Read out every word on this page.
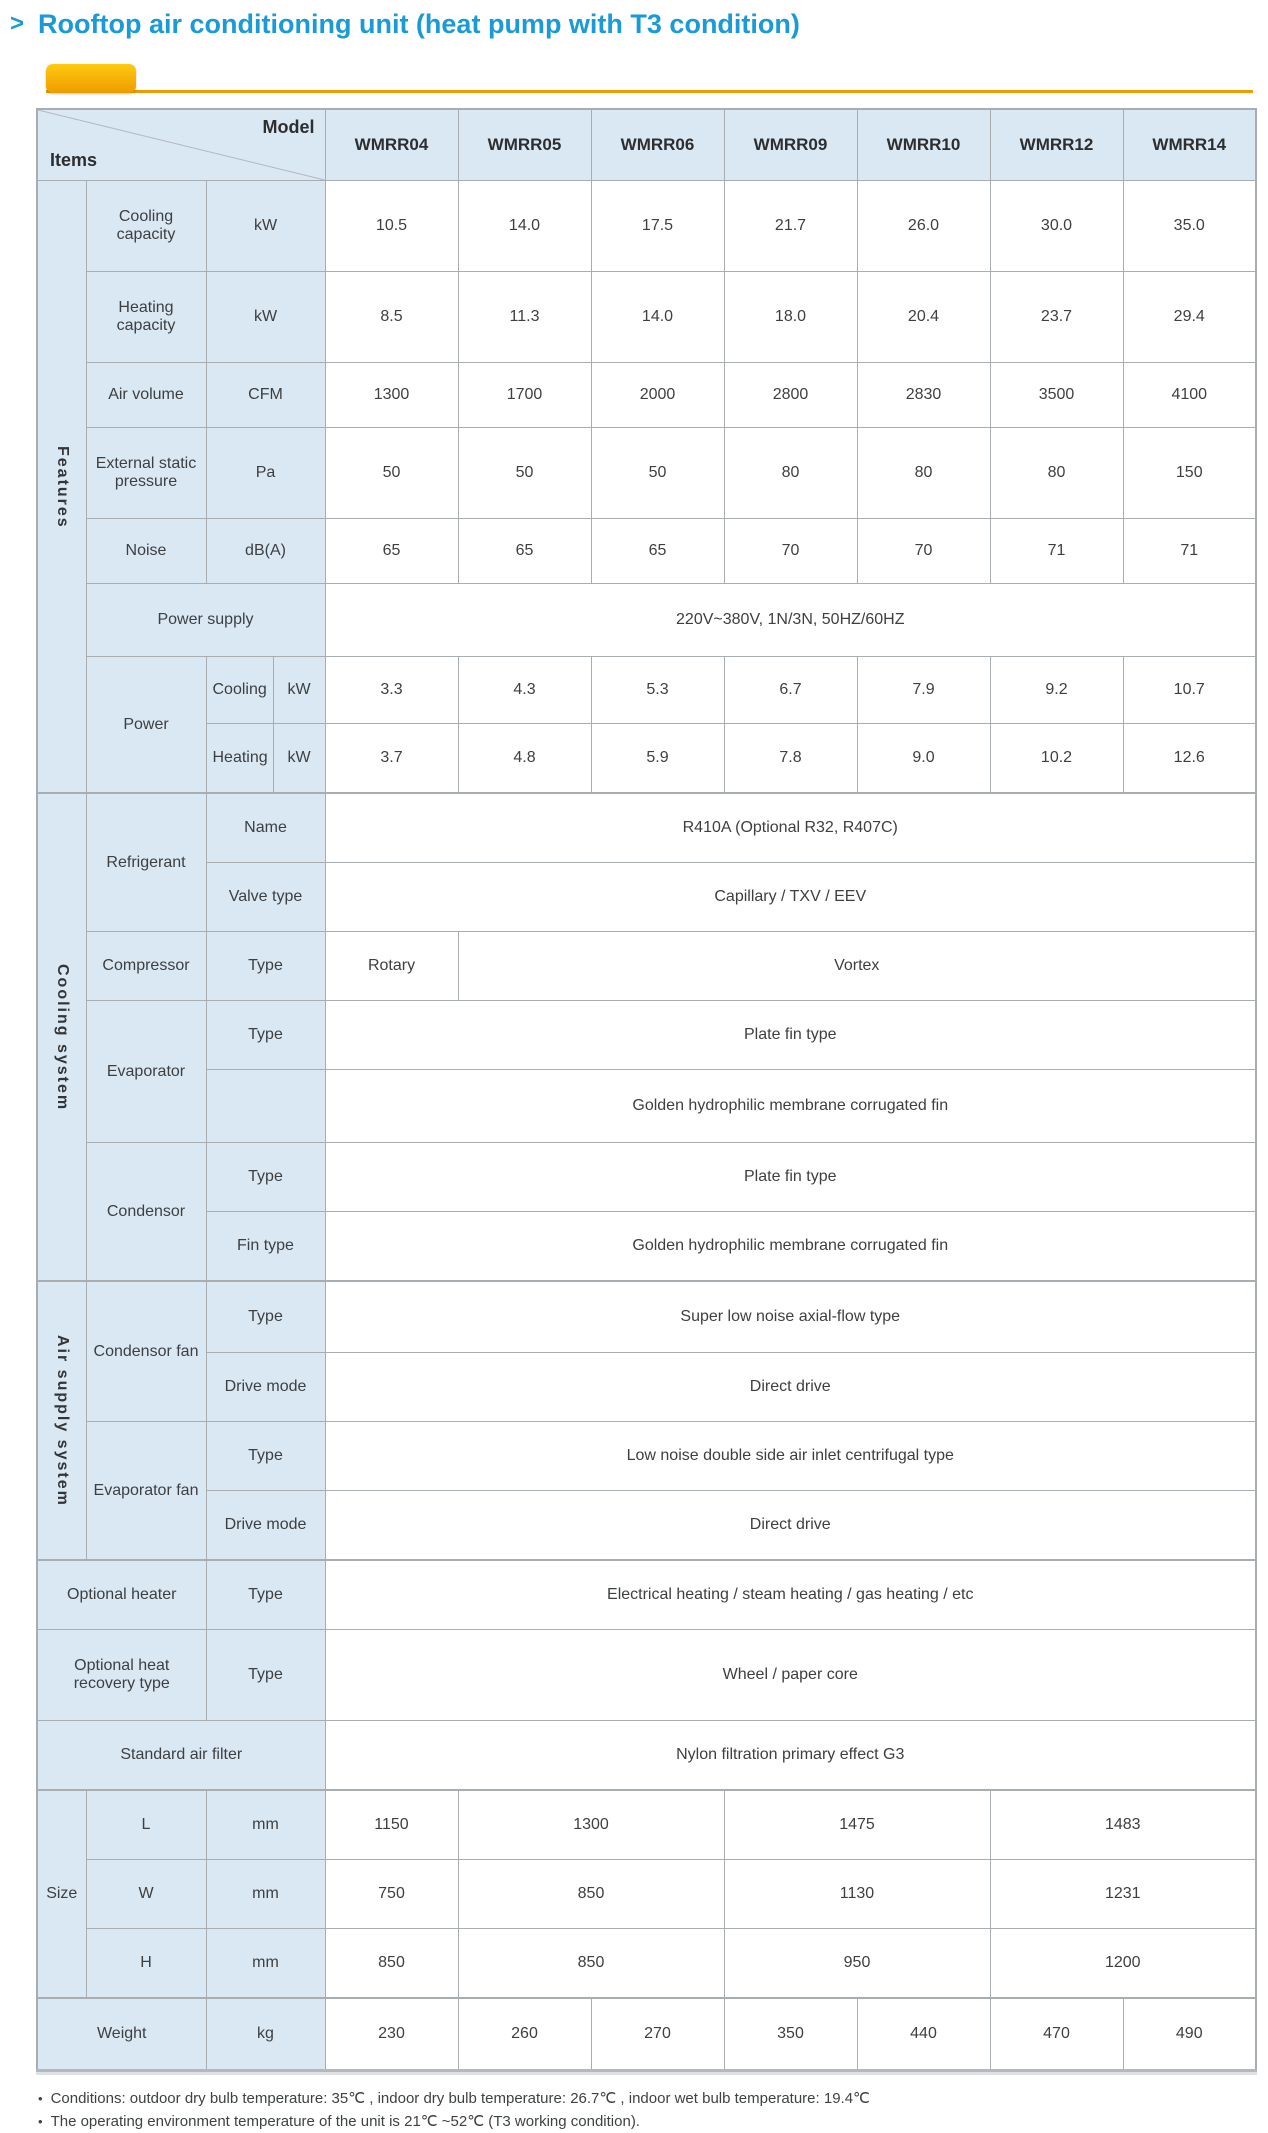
> Rooftop air conditioning unit (heat pump with T3 condition)
Model
Items				WMRR04	WMRR05	WMRR06	WMRR09	WMRR10	WMRR12	WMRR14
Features	Cooling capacity	kW		10.5	14.0	17.5	21.7	26.0	30.0	35.0
	Heating capacity	kW		8.5	11.3	14.0	18.0	20.4	23.7	29.4
	Air volume	CFM		1300	1700	2000	2800	2830	3500	4100
	External static pressure	Pa		50	50	50	80	80	80	150
	Noise	dB(A)		65	65	65	70	70	71	71
	Power supply			220V~380V, 1N/3N, 50HZ/60HZ						
	Power	Cooling	kW	3.3	4.3	5.3	6.7	7.9	9.2	10.7
		Heating	kW	3.7	4.8	5.9	7.8	9.0	10.2	12.6
Cooling system	Refrigerant	Name		R410A (Optional R32, R407C)						
		Valve type		Capillary / TXV / EEV						
	Compressor	Type		Rotary	Vortex					
	Evaporator	Type		Plate fin type						
				Golden hydrophilic membrane corrugated fin						
	Condensor	Type		Plate fin type						
		Fin type		Golden hydrophilic membrane corrugated fin						
Air supply system	Condensor fan	Type		Super low noise axial-flow type						
		Drive mode		Direct drive						
	Evaporator fan	Type		Low noise double side air inlet centrifugal type						
		Drive mode		Direct drive						
Optional heater		Type		Electrical heating / steam heating / gas heating / etc						
Optional heat recovery type		Type		Wheel / paper core						
Standard air filter				Nylon filtration primary effect G3						
Size	L	mm		1150	1300		1475		1483	
	W	mm		750	850		1130		1231	
	H	mm		850	850		950		1200	
Weight		kg		230	260	270	350	440	470	490
• Conditions: outdoor dry bulb temperature: 35℃ , indoor dry bulb temperature: 26.7℃ , indoor wet bulb temperature: 19.4℃
• The operating environment temperature of the unit is 21℃ ~52℃ (T3 working condition).
